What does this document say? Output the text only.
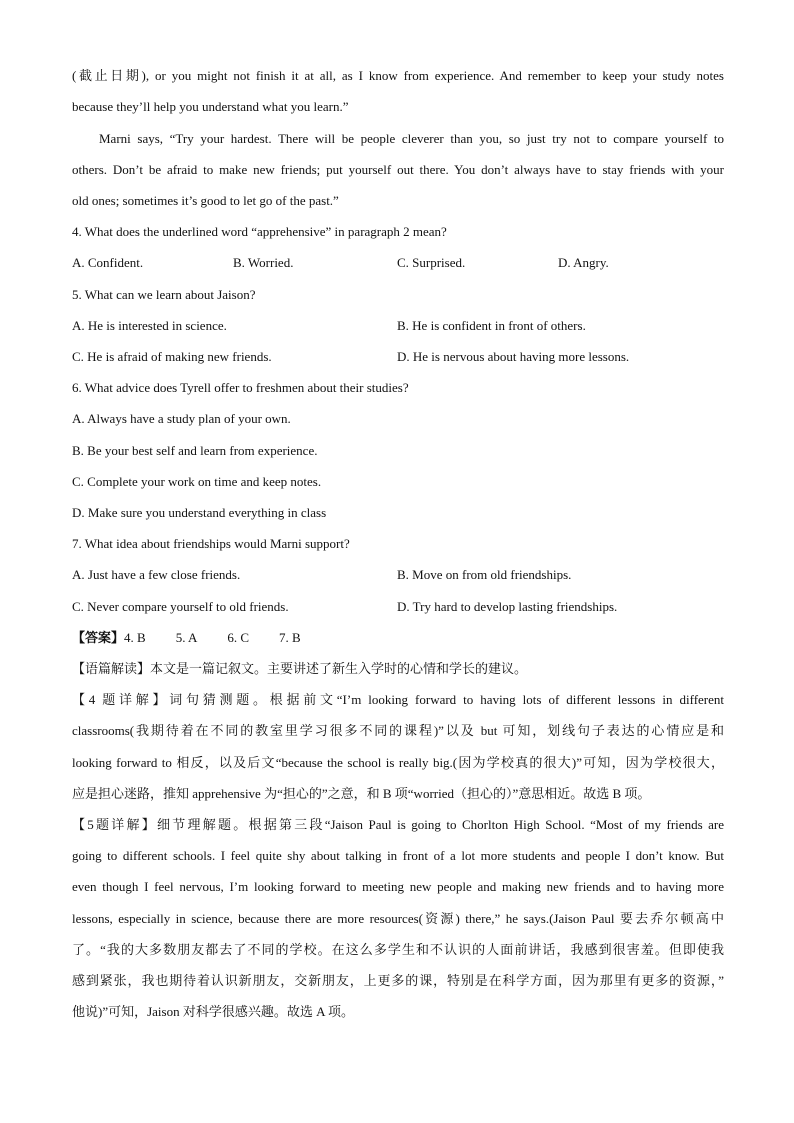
(截止日期), or you might not finish it at all, as I know from experience. And remember to keep your study notes
because they’ll help you understand what you learn.”
Marni says, “Try your hardest. There will be people cleverer than you, so just try not to compare yourself to
others. Don’t be afraid to make new friends; put yourself out there. You don’t always have to stay friends with your
old ones; sometimes it’s good to let go of the past.”
4. What does the underlined word “apprehensive” in paragraph 2 mean?
A. Confident.	B. Worried.	C. Surprised.	D. Angry.
5. What can we learn about Jaison?
A. He is interested in science.	B. He is confident in front of others.
C. He is afraid of making new friends.	D. He is nervous about having more lessons.
6. What advice does Tyrell offer to freshmen about their studies?
A. Always have a study plan of your own.
B. Be your best self and learn from experience.
C. Complete your work on time and keep notes.
D. Make sure you understand everything in class
7. What idea about friendships would Marni support?
A. Just have a few close friends.	B. Move on from old friendships.
C. Never compare yourself to old friends.	D. Try hard to develop lasting friendships.
【答案】4. B 5. A 6. C 7. B
【语篇解读】本文是一篇记叙文。主要讲述了新生入学时的心情和学长的建议。
【4 题详解】词句猜测题。根据前文“I’m looking forward to having lots of different lessons in different
classrooms(我期待着在不同的教室里学习很多不同的课程)”以及 but 可知，划线句子表达的心情应是和
looking forward to 相反，以及后文“because the school is really big.(因为学校真的很大)”可知，因为学校很大，
应是担心迷路，推知 apprehensive 为“担心的”之意，和 B 项“worried（担心的）”意思相近。故选 B 项。
【5题详解】细节理解题。根据第三段“Jaison Paul is going to Chorlton High School. “Most of my friends are
going to different schools. I feel quite shy about talking in front of a lot more students and people I don’t know. But
even though I feel nervous, I’m looking forward to meeting new people and making new friends and to having more
lessons, especially in science, because there are more resources(资源) there,” he says.(Jaison Paul 要去乔尔顿高中
了。“我的大多数朋友都去了不同的学校。在这么多学生和不认识的人面前讲话，我感到很害羞。但即使我
感到紧张，我也期待着认识新朋友，交新朋友，上更多的课，特别是在科学方面，因为那里有更多的资源，”
他说)”可知，Jaison 对科学很感兴趣。故选 A 项。
